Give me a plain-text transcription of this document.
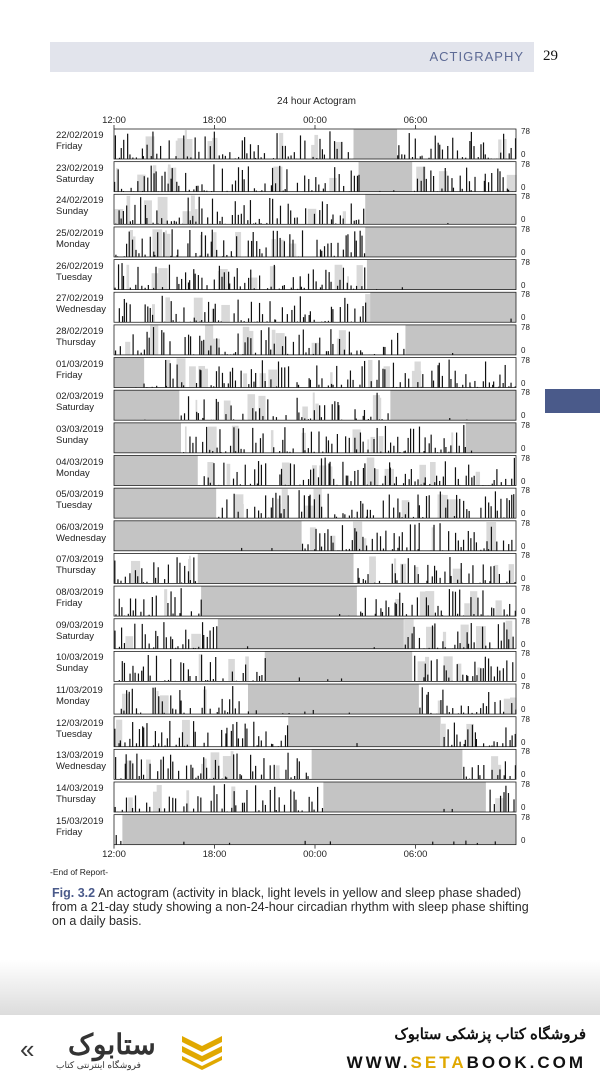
ACTIGRAPHY 29
24 hour Actogram
12:00	18:00	00:00	06:00
12:00	18:00	00:00	06:00
22/02/2019
Friday
23/02/2019
Saturday
24/02/2019
Sunday
25/02/2019
Monday
26/02/2019
Tuesday
27/02/2019
Wednesday
28/02/2019
Thursday
01/03/2019
Friday
02/03/2019
Saturday
03/03/2019
Sunday
04/03/2019
Monday
05/03/2019
Tuesday
06/03/2019
Wednesday
07/03/2019
Thursday
08/03/2019
Friday
09/03/2019
Saturday
10/03/2019
Sunday
11/03/2019
Monday
12/03/2019
Tuesday
13/03/2019
Wednesday
14/03/2019
Thursday
15/03/2019
Friday
78
0
78
0
78
0
78
0
78
0
78
0
78
0
78
0
78
0
78
0
78
0
78
0
78
0
78
0
78
0
78
0
78
0
78
0
78
0
78
0
78
0
78
0
-End of Report-
Fig. 3.2 An actogram (activity in black, light levels in yellow and sleep phase shaded) from a 21-day study showing a non-24-hour circadian rhythm with sleep phase shifting on a daily basis.
فروشگاه کتاب پزشکی ستابوک
WWW.SETABOOK.COM
« ستابوک
فروشگاه اینترنتی کتاب
